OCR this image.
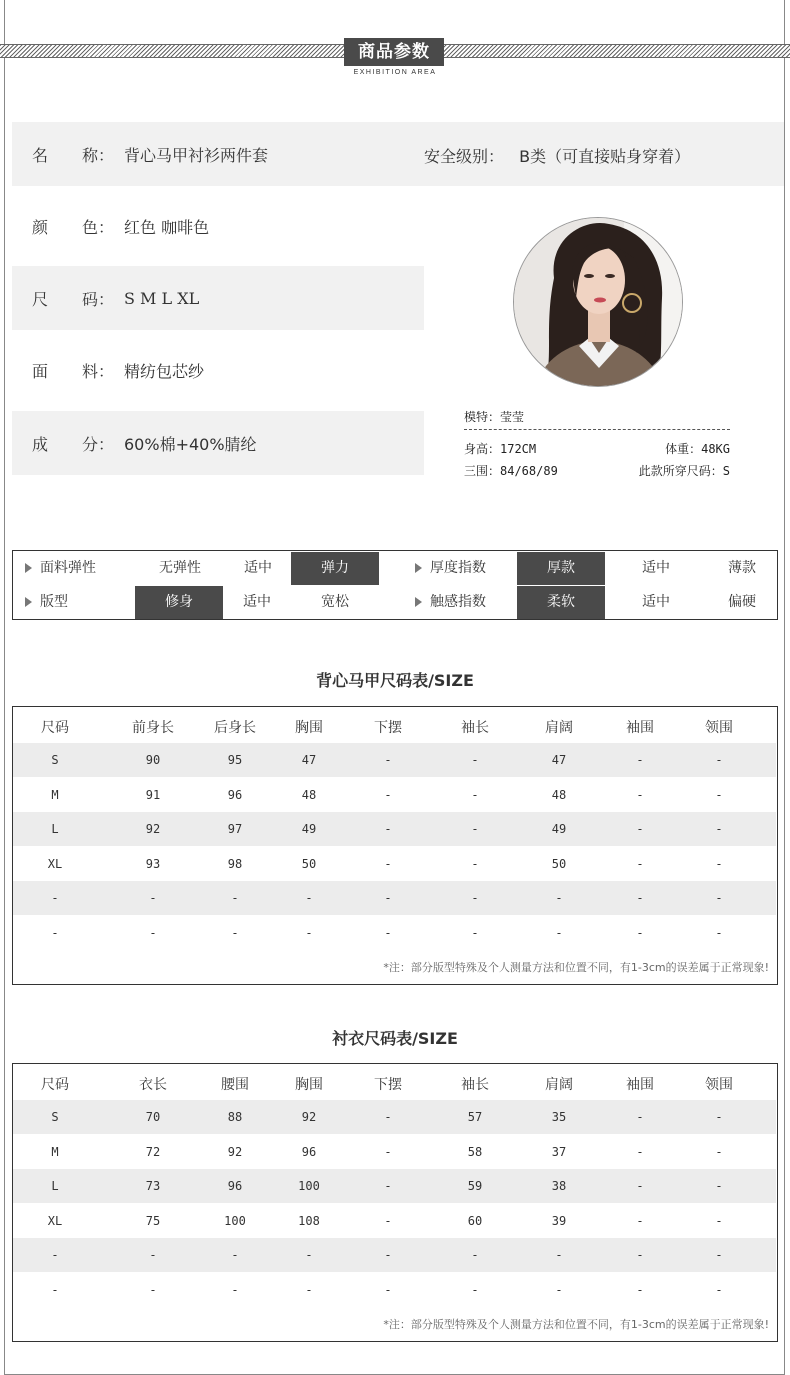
商品参数
EXHIBITION AREA
名	称： 背心马甲衬衫两件套	安全级别： B类（可直接贴身穿着）
颜	色： 红色 咖啡色
尺	码： S M L XL
面	料： 精纺包芯纱
成	分： 60%棉+40%腈纶
模特：莹莹
身高：172CM	体重：48KG
三围：84/68/89	此款所穿尺码：S
面料弹性	无弹性	适中	弹力	厚度指数	厚款	适中	薄款
版型	修身	适中	宽松	触感指数	柔软	适中	偏硬
背心马甲尺码表/SIZE
尺码	前身长	后身长	胸围	下摆	袖长	肩阔	袖围	领围
S	90	95	47	-	-	47	-	-
M	91	96	48	-	-	48	-	-
L	92	97	49	-	-	49	-	-
XL	93	98	50	-	-	50	-	-
-	-	-	-	-	-	-	-	-
-	-	-	-	-	-	-	-	-
*注：部分版型特殊及个人测量方法和位置不同，有1-3cm的误差属于正常现象!
衬衣尺码表/SIZE
尺码	衣长	腰围	胸围	下摆	袖长	肩阔	袖围	领围
S	70	88	92	-	57	35	-	-
M	72	92	96	-	58	37	-	-
L	73	96	100	-	59	38	-	-
XL	75	100	108	-	60	39	-	-
-	-	-	-	-	-	-	-	-
-	-	-	-	-	-	-	-	-
*注：部分版型特殊及个人测量方法和位置不同，有1-3cm的误差属于正常现象!
